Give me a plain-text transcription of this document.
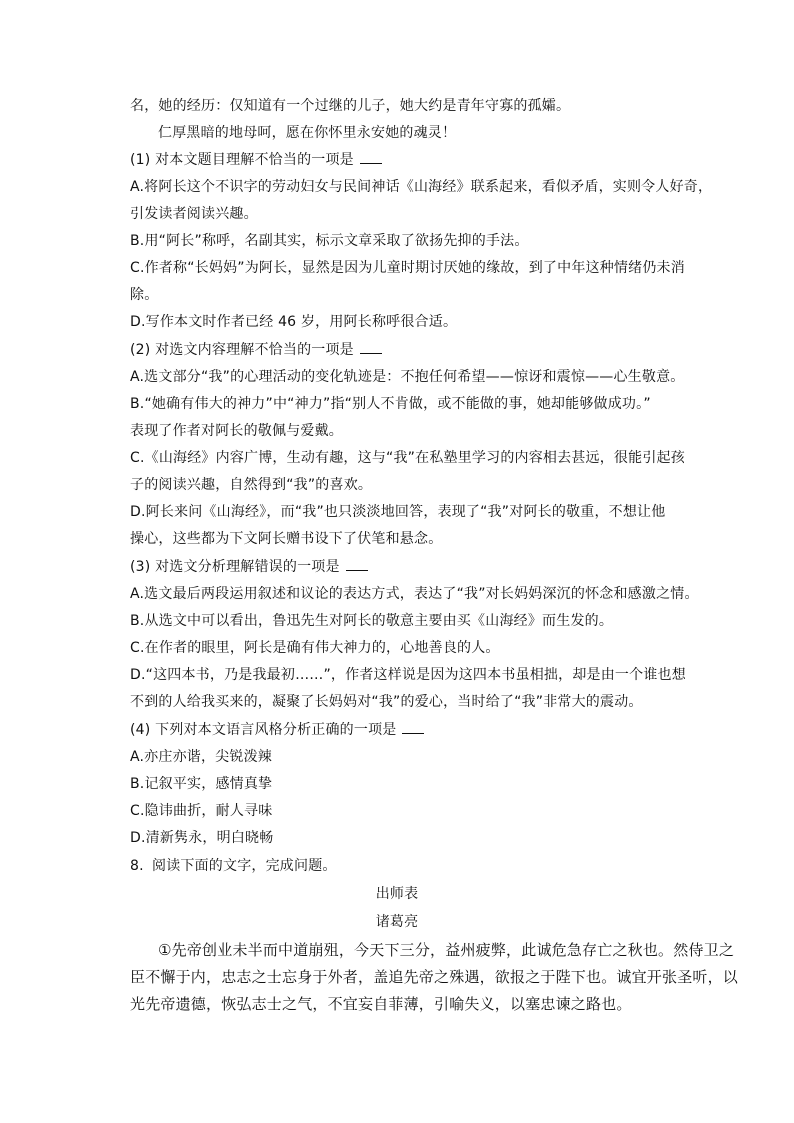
名，她的经历：仅知道有一个过继的儿子，她大约是青年守寡的孤孀。
仁厚黑暗的地母呵，愿在你怀里永安她的魂灵！
(1) 对本文题目理解不恰当的一项是
A.将阿长这个不识字的劳动妇女与民间神话《山海经》联系起来，看似矛盾，实则令人好奇，
引发读者阅读兴趣。
B.用“阿长”称呼，名副其实，标示文章采取了欲扬先抑的手法。
C.作者称“长妈妈”为阿长，显然是因为儿童时期讨厌她的缘故，到了中年这种情绪仍未消
除。
D.写作本文时作者已经 46 岁，用阿长称呼很合适。
(2) 对选文内容理解不恰当的一项是
A.选文部分“我”的心理活动的变化轨迹是：不抱任何希望——惊讶和震惊——心生敬意。
B.“她确有伟大的神力”中“神力”指“别人不肯做，或不能做的事，她却能够做成功。”
表现了作者对阿长的敬佩与爱戴。
C.《山海经》内容广博，生动有趣，这与“我”在私塾里学习的内容相去甚远，很能引起孩
子的阅读兴趣，自然得到“我”的喜欢。
D.阿长来问《山海经》，而“我”也只淡淡地回答，表现了“我”对阿长的敬重，不想让他
操心，这些都为下文阿长赠书设下了伏笔和悬念。
(3) 对选文分析理解错误的一项是
A.选文最后两段运用叙述和议论的表达方式，表达了“我”对长妈妈深沉的怀念和感激之情。
B.从选文中可以看出，鲁迅先生对阿长的敬意主要由买《山海经》而生发的。
C.在作者的眼里，阿长是确有伟大神力的，心地善良的人。
D.“这四本书，乃是我最初……”，作者这样说是因为这四本书虽相拙，却是由一个谁也想
不到的人给我买来的，凝聚了长妈妈对“我”的爱心，当时给了“我”非常大的震动。
(4) 下列对本文语言风格分析正确的一项是
A.亦庄亦谐，尖锐泼辣
B.记叙平实，感情真挚
C.隐讳曲折，耐人寻味
D.清新隽永，明白晓畅
8. 阅读下面的文字，完成问题。
出师表
诸葛亮
①先帝创业未半而中道崩殂，今天下三分，益州疲弊，此诚危急存亡之秋也。然侍卫之
臣不懈于内，忠志之士忘身于外者，盖追先帝之殊遇，欲报之于陛下也。诚宜开张圣听，以
光先帝遗德，恢弘志士之气，不宜妄自菲薄，引喻失义，以塞忠谏之路也。
